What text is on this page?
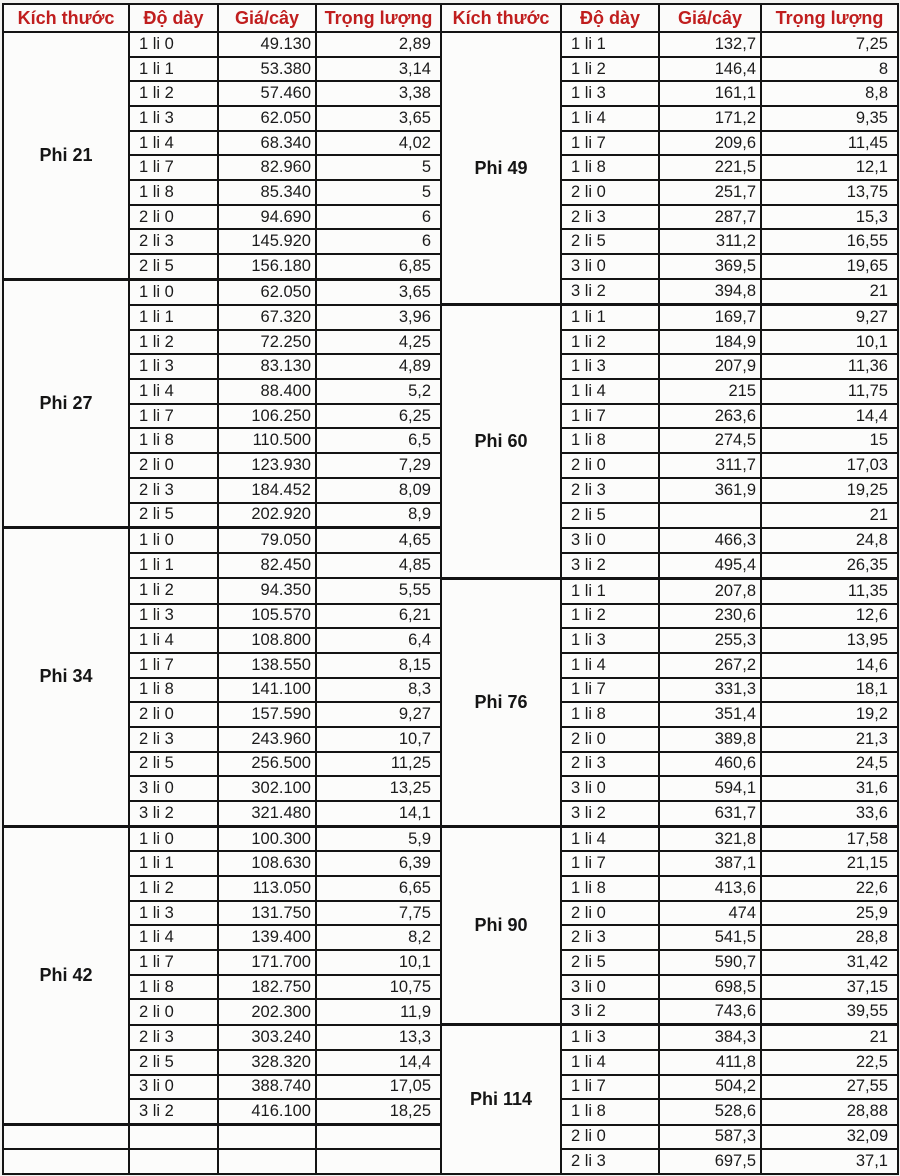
Kích thước	Độ dày	Giá/cây	Trọng lượng	Kích thước	Độ dày	Giá/cây	Trọng lượng
Phi 21	1 li 0	49.130	2,89	Phi 49	1 li 1	132,7	7,25
	1 li 1	53.380	3,14		1 li 2	146,4	8
	1 li 2	57.460	3,38		1 li 3	161,1	8,8
	1 li 3	62.050	3,65		1 li 4	171,2	9,35
	1 li 4	68.340	4,02		1 li 7	209,6	11,45
	1 li 7	82.960	5		1 li 8	221,5	12,1
	1 li 8	85.340	5		2 li 0	251,7	13,75
	2 li 0	94.690	6		2 li 3	287,7	15,3
	2 li 3	145.920	6		2 li 5	311,2	16,55
	2 li 5	156.180	6,85		3 li 0	369,5	19,65
Phi 27	1 li 0	62.050	3,65		3 li 2	394,8	21
	1 li 1	67.320	3,96	Phi 60	1 li 1	169,7	9,27
	1 li 2	72.250	4,25		1 li 2	184,9	10,1
	1 li 3	83.130	4,89		1 li 3	207,9	11,36
	1 li 4	88.400	5,2		1 li 4	215	11,75
	1 li 7	106.250	6,25		1 li 7	263,6	14,4
	1 li 8	110.500	6,5		1 li 8	274,5	15
	2 li 0	123.930	7,29		2 li 0	311,7	17,03
	2 li 3	184.452	8,09		2 li 3	361,9	19,25
	2 li 5	202.920	8,9		2 li 5		21
Phi 34	1 li 0	79.050	4,65		3 li 0	466,3	24,8
	1 li 1	82.450	4,85		3 li 2	495,4	26,35
	1 li 2	94.350	5,55	Phi 76	1 li 1	207,8	11,35
	1 li 3	105.570	6,21		1 li 2	230,6	12,6
	1 li 4	108.800	6,4		1 li 3	255,3	13,95
	1 li 7	138.550	8,15		1 li 4	267,2	14,6
	1 li 8	141.100	8,3		1 li 7	331,3	18,1
	2 li 0	157.590	9,27		1 li 8	351,4	19,2
	2 li 3	243.960	10,7		2 li 0	389,8	21,3
	2 li 5	256.500	11,25		2 li 3	460,6	24,5
	3 li 0	302.100	13,25		3 li 0	594,1	31,6
	3 li 2	321.480	14,1		3 li 2	631,7	33,6
Phi 42	1 li 0	100.300	5,9	Phi 90	1 li 4	321,8	17,58
	1 li 1	108.630	6,39		1 li 7	387,1	21,15
	1 li 2	113.050	6,65		1 li 8	413,6	22,6
	1 li 3	131.750	7,75		2 li 0	474	25,9
	1 li 4	139.400	8,2		2 li 3	541,5	28,8
	1 li 7	171.700	10,1		2 li 5	590,7	31,42
	1 li 8	182.750	10,75		3 li 0	698,5	37,15
	2 li 0	202.300	11,9		3 li 2	743,6	39,55
	2 li 3	303.240	13,3	Phi 114	1 li 3	384,3	21
	2 li 5	328.320	14,4		1 li 4	411,8	22,5
	3 li 0	388.740	17,05		1 li 7	504,2	27,55
	3 li 2	416.100	18,25		1 li 8	528,6	28,88
					2 li 0	587,3	32,09
					2 li 3	697,5	37,1
